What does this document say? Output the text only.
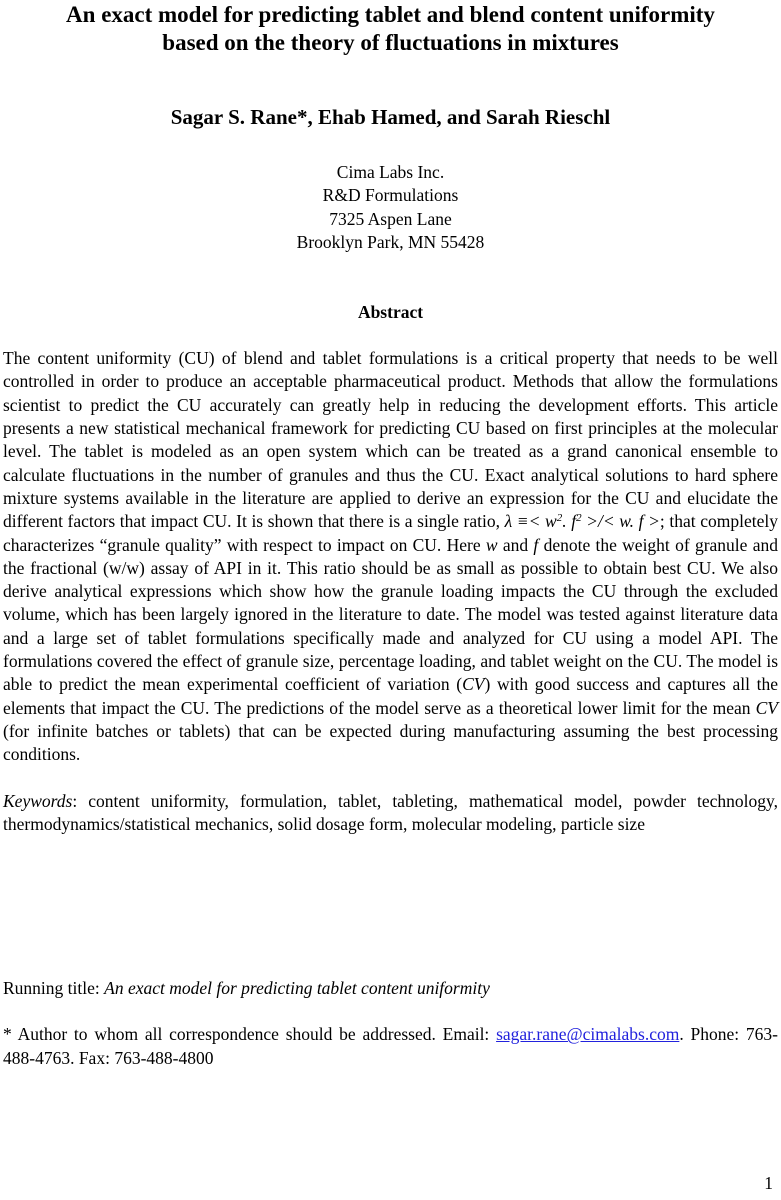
An exact model for predicting tablet and blend content uniformity
based on the theory of fluctuations in mixtures
Sagar S. Rane*, Ehab Hamed, and Sarah Rieschl
Cima Labs Inc.
R&D Formulations
7325 Aspen Lane
Brooklyn Park, MN 55428
Abstract

The content uniformity (CU) of blend and tablet formulations is a critical property that needs to be well controlled in order to produce an acceptable pharmaceutical product. Methods that allow the formulations scientist to predict the CU accurately can greatly help in reducing the development efforts. This article presents a new statistical mechanical framework for predicting CU based on first principles at the molecular level. The tablet is modeled as an open system which can be treated as a grand canonical ensemble to calculate fluctuations in the number of granules and thus the CU. Exact analytical solutions to hard sphere mixture systems available in the literature are applied to derive an expression for the CU and elucidate the different factors that impact CU. It is shown that there is a single ratio, $\lambda \equiv< w^2$. $f^2$ >/< w. f >; that completely characterizes “granule quality” with respect to impact on CU. Here w and f denote the weight of granule and the fractional (w/w) assay of API in it. This ratio should be as small as possible to obtain best CU. We also derive analytical expressions which show how the granule loading impacts the CU through the excluded volume, which has been largely ignored in the literature to date. The model was tested against literature data and a large set of tablet formulations specifically made and analyzed for CU using a model API. The formulations covered the effect of granule size, percentage loading, and tablet weight on the CU. The model is able to predict the mean experimental coefficient of variation (CV) with good success and captures all the elements that impact the CU. The predictions of the model serve as a theoretical lower limit for the mean CV (for infinite batches or tablets) that can be expected during manufacturing assuming the best processing conditions.

Keywords: content uniformity, formulation, tablet, tableting, mathematical model, powder technology, thermodynamics/statistical mechanics, solid dosage form, molecular modeling, particle size

Running title: An exact model for predicting tablet content uniformity

* Author to whom all correspondence should be addressed. Email: sagar.rane@cimalabs.com. Phone: 763-488-4763. Fax: 763-488-4800

1
